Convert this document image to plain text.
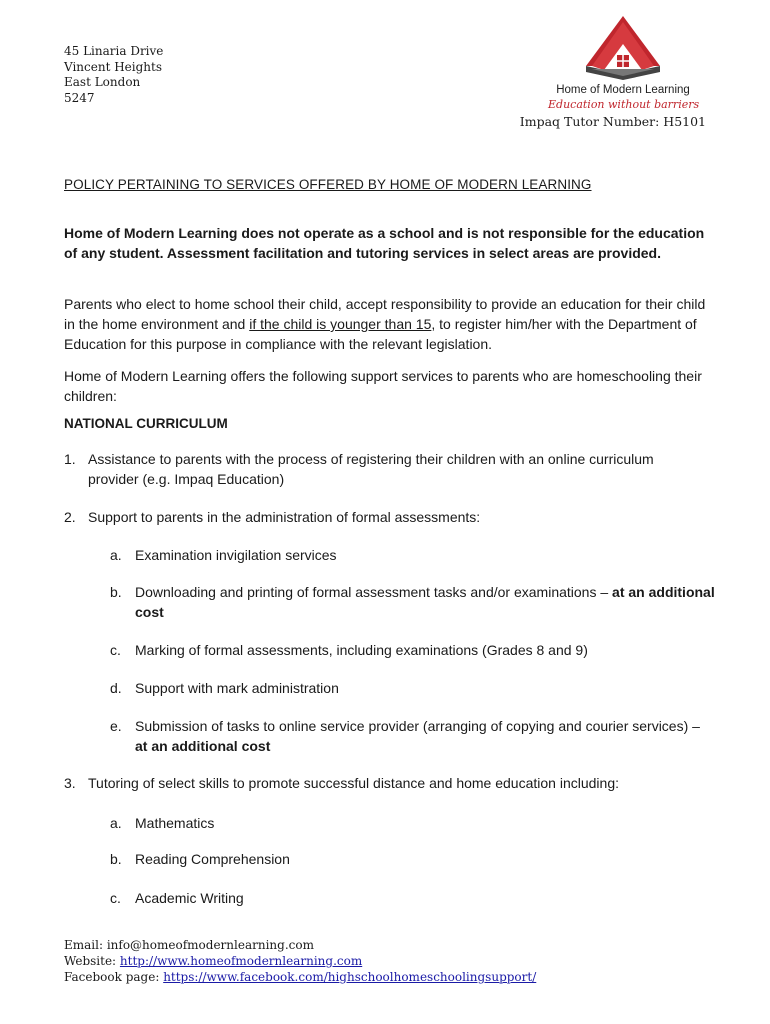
45 Linaria Drive
Vincent Heights
East London
5247
Home of Modern Learning
Education without barriers
Impaq Tutor Number: H5101
POLICY PERTAINING TO SERVICES OFFERED BY HOME OF MODERN LEARNING
Home of Modern Learning does not operate as a school and is not responsible for the education of any student. Assessment facilitation and tutoring services in select areas are provided.
Parents who elect to home school their child, accept responsibility to provide an education for their child in the home environment and if the child is younger than 15, to register him/her with the Department of Education for this purpose in compliance with the relevant legislation.
Home of Modern Learning offers the following support services to parents who are homeschooling their children:
NATIONAL CURRICULUM
1. Assistance to parents with the process of registering their children with an online curriculum provider (e.g. Impaq Education)
2. Support to parents in the administration of formal assessments:
a. Examination invigilation services
b. Downloading and printing of formal assessment tasks and/or examinations – at an additional cost
c. Marking of formal assessments, including examinations (Grades 8 and 9)
d. Support with mark administration
e. Submission of tasks to online service provider (arranging of copying and courier services) – at an additional cost
3. Tutoring of select skills to promote successful distance and home education including:
a. Mathematics
b. Reading Comprehension
c. Academic Writing
Email: info@homeofmodernlearning.com
Website: http://www.homeofmodernlearning.com
Facebook page: https://www.facebook.com/highschoolhomeschoolingsupport/
